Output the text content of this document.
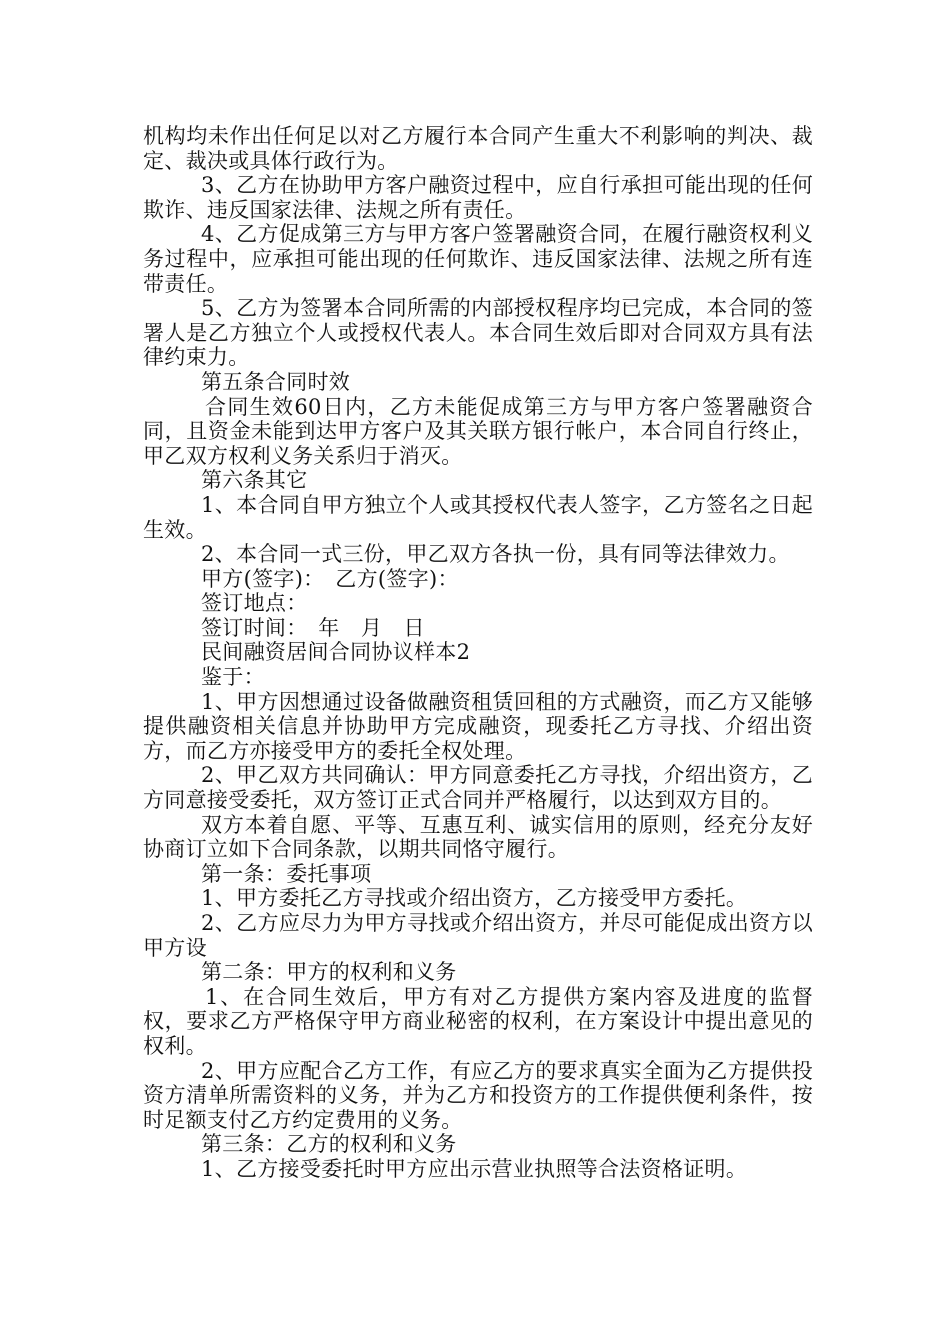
机构均未作出任何足以对乙方履行本合同产生重大不利影响的判决、裁定、裁决或具体行政行为。

3、乙方在协助甲方客户融资过程中，应自行承担可能出现的任何欺诈、违反国家法律、法规之所有责任。

4、乙方促成第三方与甲方客户签署融资合同，在履行融资权利义务过程中，应承担可能出现的任何欺诈、违反国家法律、法规之所有连带责任。

5、乙方为签署本合同所需的内部授权程序均已完成，本合同的签署人是乙方独立个人或授权代表人。本合同生效后即对合同双方具有法律约束力。

第五条合同时效

合同生效60日内，乙方未能促成第三方与甲方客户签署融资合同，且资金未能到达甲方客户及其关联方银行帐户，本合同自行终止，甲乙双方权利义务关系归于消灭。

第六条其它

1、本合同自甲方独立个人或其授权代表人签字，乙方签名之日起生效。

2、本合同一式三份，甲乙双方各执一份，具有同等法律效力。

甲方(签字)：　乙方(签字)：

签订地点：

签订时间：　年　月　日

民间融资居间合同协议样本2

鉴于：

1、甲方因想通过设备做融资租赁回租的方式融资，而乙方又能够提供融资相关信息并协助甲方完成融资，现委托乙方寻找、介绍出资方，而乙方亦接受甲方的委托全权处理。

2、甲乙双方共同确认：甲方同意委托乙方寻找，介绍出资方，乙方同意接受委托，双方签订正式合同并严格履行，以达到双方目的。

双方本着自愿、平等、互惠互利、诚实信用的原则，经充分友好协商订立如下合同条款，以期共同恪守履行。

第一条：委托事项

1、甲方委托乙方寻找或介绍出资方，乙方接受甲方委托。

2、乙方应尽力为甲方寻找或介绍出资方，并尽可能促成出资方以甲方设

第二条：甲方的权利和义务

1、在合同生效后，甲方有对乙方提供方案内容及进度的监督权，要求乙方严格保守甲方商业秘密的权利，在方案设计中提出意见的权利。

2、甲方应配合乙方工作，有应乙方的要求真实全面为乙方提供投资方清单所需资料的义务，并为乙方和投资方的工作提供便利条件，按时足额支付乙方约定费用的义务。

第三条：乙方的权利和义务

1、乙方接受委托时甲方应出示营业执照等合法资格证明。
